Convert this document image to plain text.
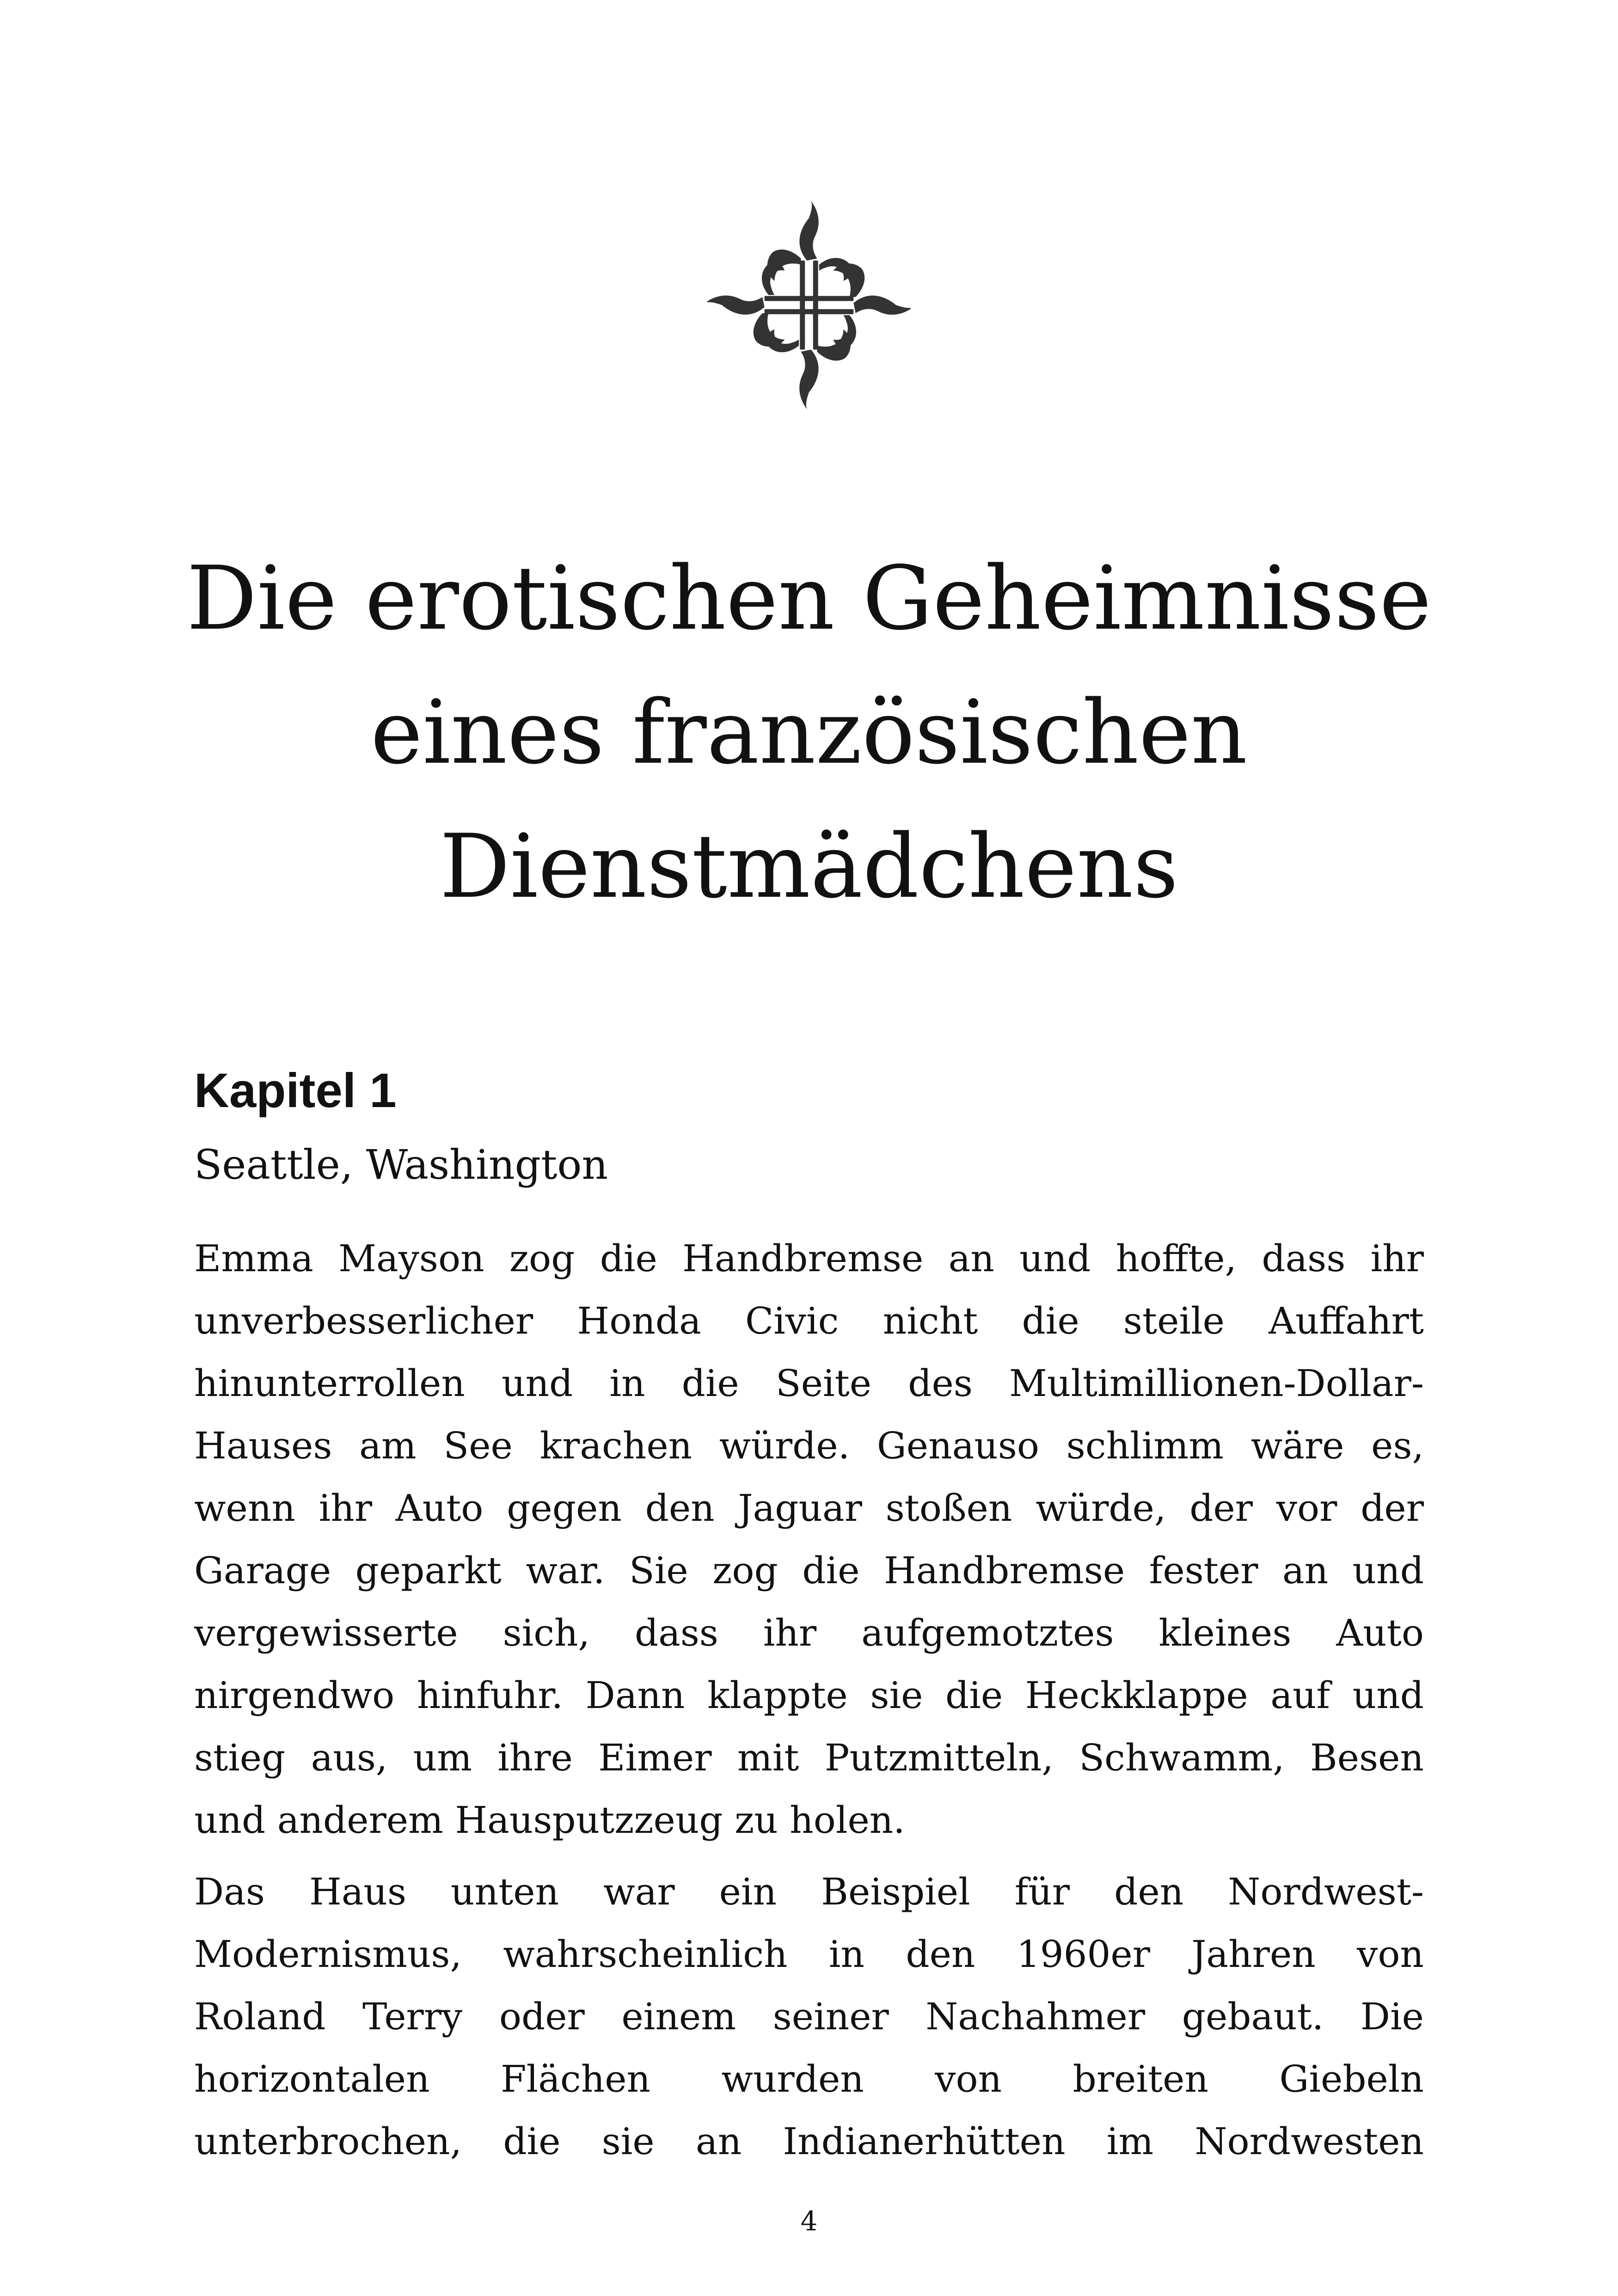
Die erotischen Geheimnisse
eines französischen
Dienstmädchens
Kapitel 1

Seattle, Washington

Emma Mayson zog die Handbremse an und hoffte, dass ihr
unverbesserlicher Honda Civic nicht die steile Auffahrt
hinunterrollen und in die Seite des Multimillionen-Dollar-
Hauses am See krachen würde. Genauso schlimm wäre es,
wenn ihr Auto gegen den Jaguar stoßen würde, der vor der
Garage geparkt war. Sie zog die Handbremse fester an und
vergewisserte sich, dass ihr aufgemotztes kleines Auto
nirgendwo hinfuhr. Dann klappte sie die Heckklappe auf und
stieg aus, um ihre Eimer mit Putzmitteln, Schwamm, Besen
und anderem Hausputzzeug zu holen.
Das Haus unten war ein Beispiel für den Nordwest-
Modernismus, wahrscheinlich in den 1960er Jahren von
Roland Terry oder einem seiner Nachahmer gebaut. Die
horizontalen Flächen wurden von breiten Giebeln
unterbrochen, die sie an Indianerhütten im Nordwesten
4
